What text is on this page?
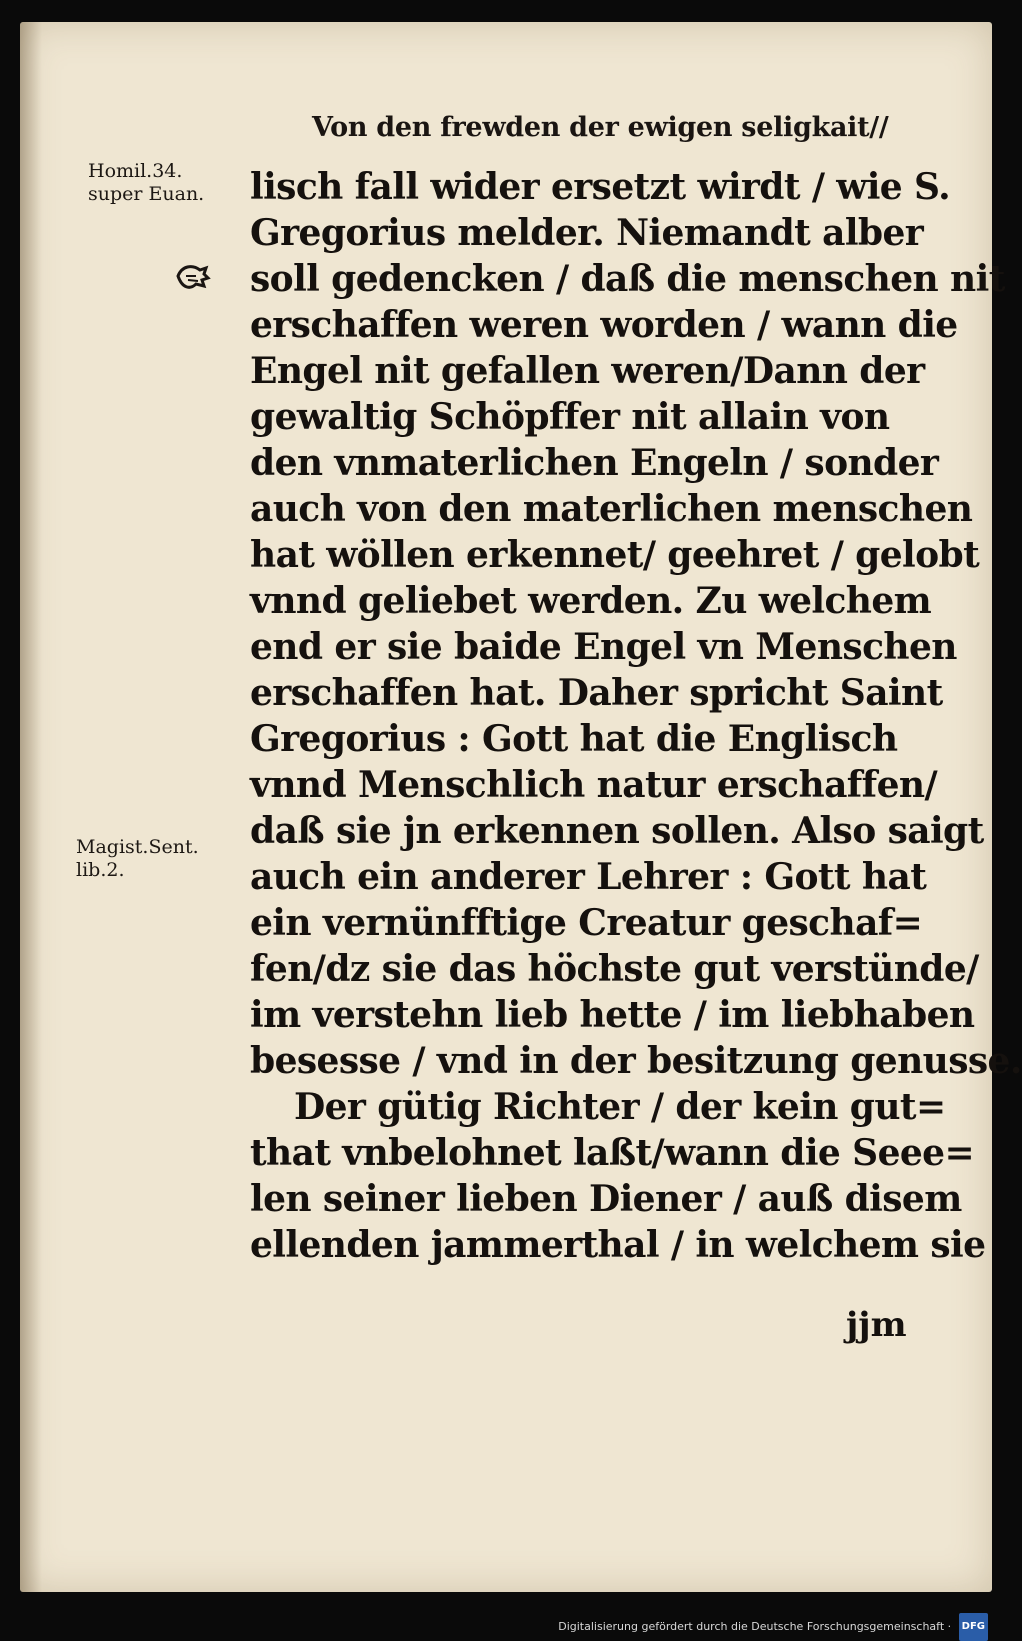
Von den frewden der ewigen seligkait//
Homil.34.
super Euan.
Magist.Sent.
lib.2.
lisch fall wider ersetzt wirdt / wie S.
Gregorius melder. Niemandt alber
soll gedencken / daß die menschen nit
erschaffen weren worden / wann die
Engel nit gefallen weren/Dann der
gewaltig Schöpffer nit allain von
den vnmaterlichen Engeln / sonder
auch von den materlichen menschen
hat wöllen erkennet/ geehret / gelobt
vnnd geliebet werden. Zu welchem
end er sie baide Engel vn Menschen
erschaffen hat. Daher spricht Saint
Gregorius : Gott hat die Englisch
vnnd Menschlich natur erschaffen/
daß sie jn erkennen sollen. Also saigt
auch ein anderer Lehrer : Gott hat
ein vernünfftige Creatur geschaf=
fen/dz sie das höchste gut verstünde/
im verstehn lieb hette / im liebhaben
besesse / vnd in der besitzung genusse.
Der gütig Richter / der kein gut=
that vnbelohnet laßt/wann die Seee=
len seiner lieben Diener / auß disem
ellenden jammerthal / in welchem sie
jjm
Digitalisierung gefördert durch die Deutsche Forschungsgemeinschaft · DFG
